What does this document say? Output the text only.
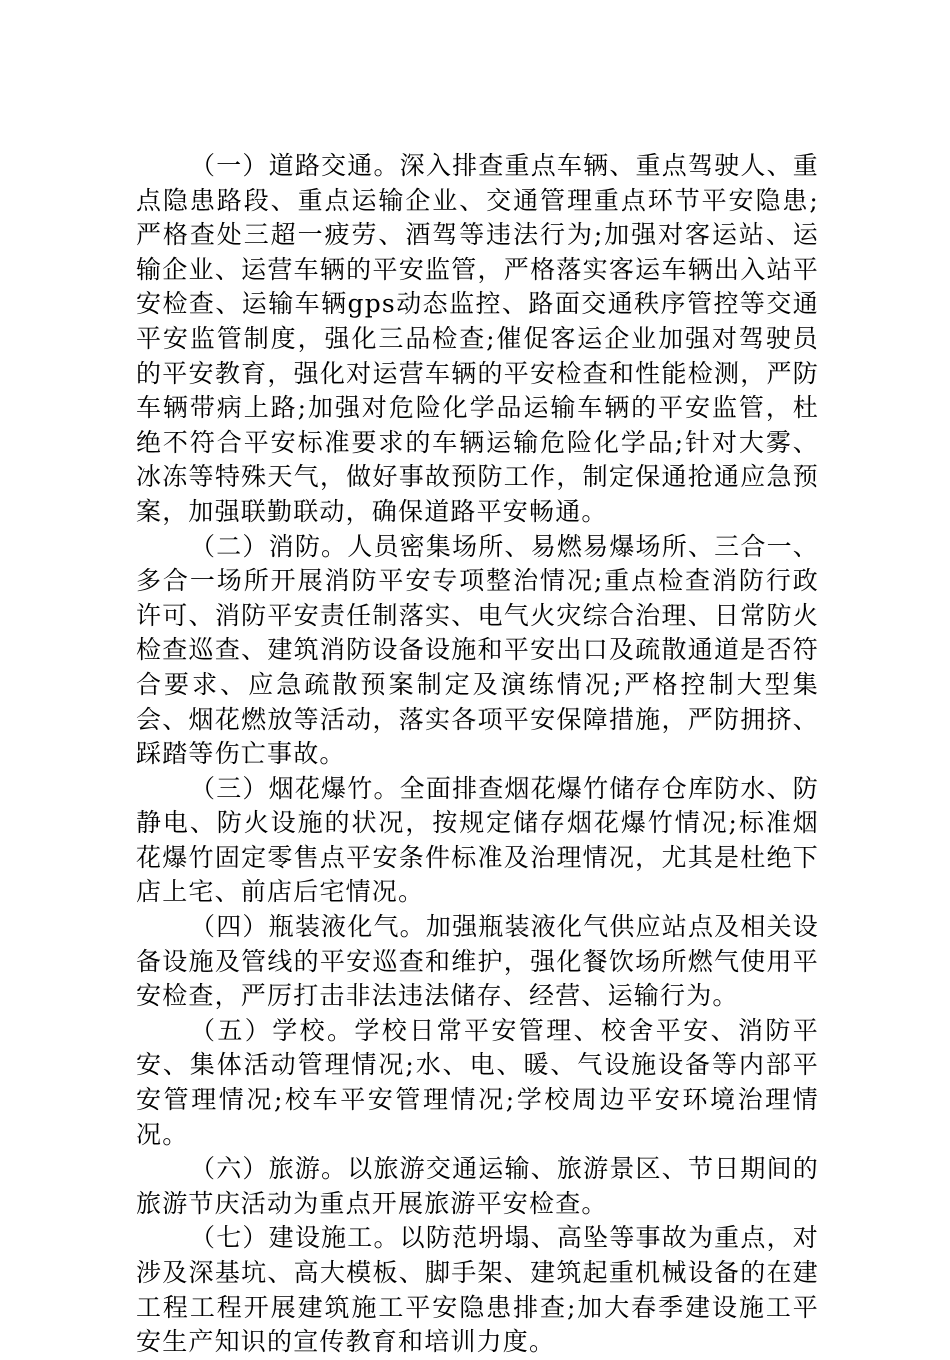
（一）道路交通。深入排查重点车辆、重点驾驶人、重点隐患路段、重点运输企业、交通管理重点环节平安隐患;严格查处三超一疲劳、酒驾等违法行为;加强对客运站、运输企业、运营车辆的平安监管，严格落实客运车辆出入站平安检查、运输车辆gps动态监控、路面交通秩序管控等交通平安监管制度，强化三品检查;催促客运企业加强对驾驶员的平安教育，强化对运营车辆的平安检查和性能检测，严防车辆带病上路;加强对危险化学品运输车辆的平安监管，杜绝不符合平安标准要求的车辆运输危险化学品;针对大雾、冰冻等特殊天气，做好事故预防工作，制定保通抢通应急预案，加强联勤联动，确保道路平安畅通。

（二）消防。人员密集场所、易燃易爆场所、三合一、多合一场所开展消防平安专项整治情况;重点检查消防行政许可、消防平安责任制落实、电气火灾综合治理、日常防火检查巡查、建筑消防设备设施和平安出口及疏散通道是否符合要求、应急疏散预案制定及演练情况;严格控制大型集会、烟花燃放等活动，落实各项平安保障措施，严防拥挤、踩踏等伤亡事故。

（三）烟花爆竹。全面排查烟花爆竹储存仓库防水、防静电、防火设施的状况，按规定储存烟花爆竹情况;标准烟花爆竹固定零售点平安条件标准及治理情况，尤其是杜绝下店上宅、前店后宅情况。

（四）瓶装液化气。加强瓶装液化气供应站点及相关设备设施及管线的平安巡查和维护，强化餐饮场所燃气使用平安检查，严厉打击非法违法储存、经营、运输行为。

（五）学校。学校日常平安管理、校舍平安、消防平安、集体活动管理情况;水、电、暖、气设施设备等内部平安管理情况;校车平安管理情况;学校周边平安环境治理情况。

（六）旅游。以旅游交通运输、旅游景区、节日期间的旅游节庆活动为重点开展旅游平安检查。

（七）建设施工。以防范坍塌、高坠等事故为重点，对涉及深基坑、高大模板、脚手架、建筑起重机械设备的在建工程工程开展建筑施工平安隐患排查;加大春季建设施工平安生产知识的宣传教育和培训力度。
